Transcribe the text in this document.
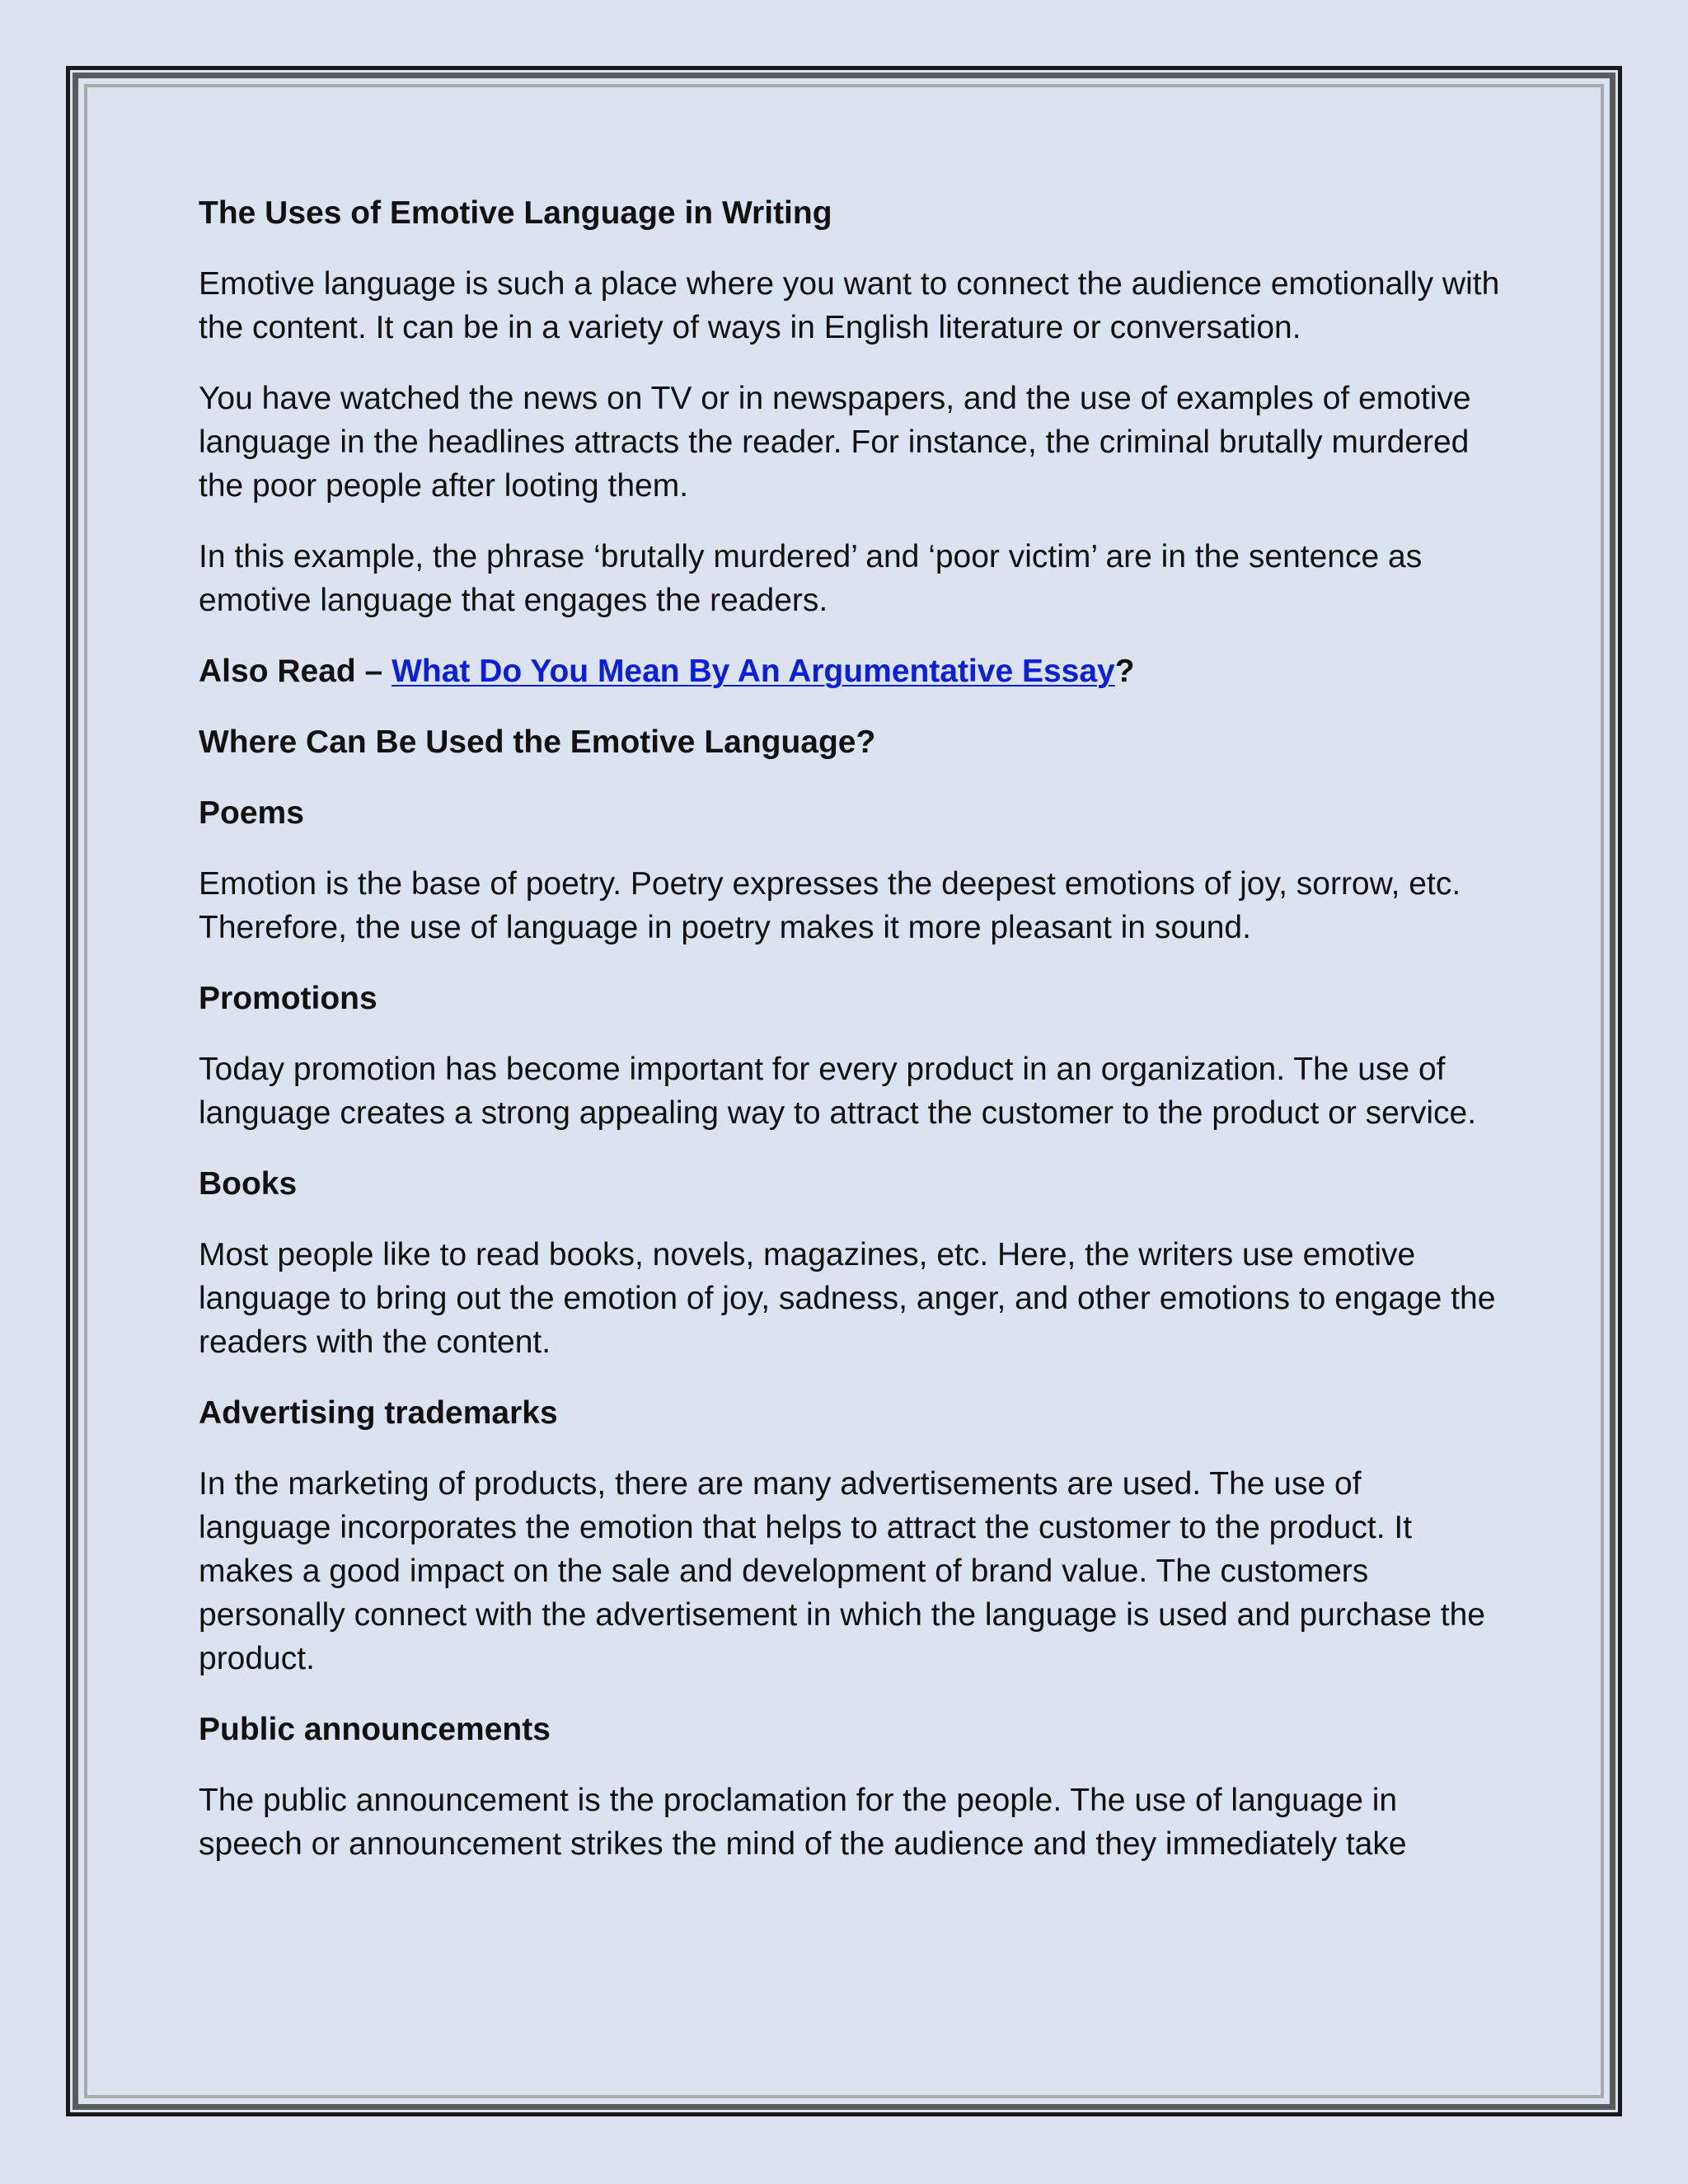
The Uses of Emotive Language in Writing

Emotive language is such a place where you want to connect the audience emotionally with the content. It can be in a variety of ways in English literature or conversation.

You have watched the news on TV or in newspapers, and the use of examples of emotive language in the headlines attracts the reader. For instance, the criminal brutally murdered the poor people after looting them.

In this example, the phrase ‘brutally murdered’ and ‘poor victim’ are in the sentence as emotive language that engages the readers.

Also Read – What Do You Mean By An Argumentative Essay?
Where Can Be Used the Emotive Language?
Poems

Emotion is the base of poetry. Poetry expresses the deepest emotions of joy, sorrow, etc. Therefore, the use of language in poetry makes it more pleasant in sound.

Promotions

Today promotion has become important for every product in an organization. The use of language creates a strong appealing way to attract the customer to the product or service.

Books

Most people like to read books, novels, magazines, etc. Here, the writers use emotive language to bring out the emotion of joy, sadness, anger, and other emotions to engage the readers with the content.

Advertising trademarks

In the marketing of products, there are many advertisements are used. The use of language incorporates the emotion that helps to attract the customer to the product. It makes a good impact on the sale and development of brand value. The customers personally connect with the advertisement in which the language is used and purchase the product.

Public announcements

The public announcement is the proclamation for the people. The use of language in speech or announcement strikes the mind of the audience and they immediately take
